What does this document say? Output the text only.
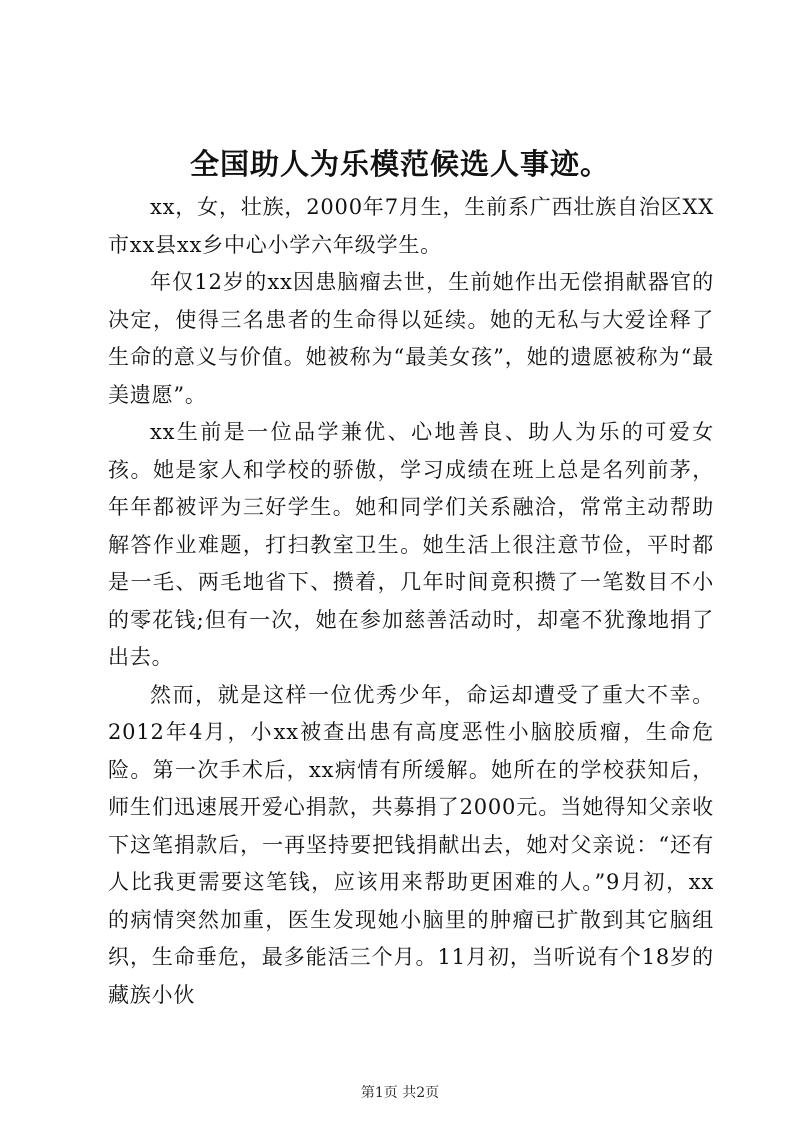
全国助人为乐模范候选人事迹。

xx，女，壮族，2000年7月生，生前系广西壮族自治区XX市xx县xx乡中心小学六年级学生。

年仅12岁的xx因患脑瘤去世，生前她作出无偿捐献器官的决定，使得三名患者的生命得以延续。她的无私与大爱诠释了生命的意义与价值。她被称为“最美女孩”，她的遗愿被称为“最美遗愿”。

xx生前是一位品学兼优、心地善良、助人为乐的可爱女孩。她是家人和学校的骄傲，学习成绩在班上总是名列前茅，年年都被评为三好学生。她和同学们关系融洽，常常主动帮助解答作业难题，打扫教室卫生。她生活上很注意节俭，平时都是一毛、两毛地省下、攒着，几年时间竟积攒了一笔数目不小的零花钱;但有一次，她在参加慈善活动时，却毫不犹豫地捐了出去。

然而，就是这样一位优秀少年，命运却遭受了重大不幸。2012年4月，小xx被查出患有高度恶性小脑胶质瘤，生命危险。第一次手术后，xx病情有所缓解。她所在的学校获知后，师生们迅速展开爱心捐款，共募捐了2000元。当她得知父亲收下这笔捐款后，一再坚持要把钱捐献出去，她对父亲说：“还有人比我更需要这笔钱，应该用来帮助更困难的人。”9月初，xx的病情突然加重，医生发现她小脑里的肿瘤已扩散到其它脑组织，生命垂危，最多能活三个月。11月初，当听说有个18岁的藏族小伙

第1页 共2页
